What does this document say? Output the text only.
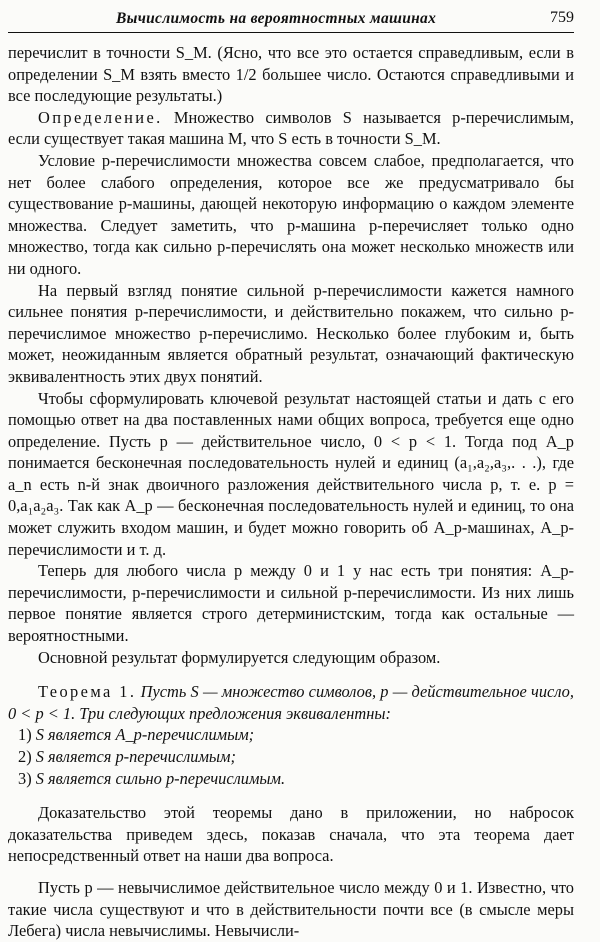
Вычислимость на вероятностных машинах	759

перечислит в точности S_M. (Ясно, что все это остается справедливым, если в определении S_M взять вместо 1/2 большее число. Остаются справедливыми и все последующие результаты.)

Определение. Множество символов S называется p-перечислимым, если существует такая машина M, что S есть в точности S_M.

Условие p-перечислимости множества совсем слабое, предполагается, что нет более слабого определения, которое все же предусматривало бы существование p-машины, дающей некоторую информацию о каждом элементе множества. Следует заметить, что p-машина p-перечисляет только одно множество, тогда как сильно p-перечислять она может несколько множеств или ни одного.

На первый взгляд понятие сильной p-перечислимости кажется намного сильнее понятия p-перечислимости, и действительно покажем, что сильно p-перечислимое множество p-перечислимо. Несколько более глубоким и, быть может, неожиданным является обратный результат, означающий фактическую эквивалентность этих двух понятий.

Чтобы сформулировать ключевой результат настоящей статьи и дать с его помощью ответ на два поставленных нами общих вопроса, требуется еще одно определение. Пусть p — действительное число, 0 < p < 1. Тогда под A_p понимается бесконечная последовательность нулей и единиц (a₁,a₂,a₃,. . .), где a_n есть n-й знак двоичного разложения действительного числа p, т. е. p = 0,a₁a₂a₃. Так как A_p — бесконечная последовательность нулей и единиц, то она может служить входом машин, и будет можно говорить об A_p-машинах, A_p-перечислимости и т. д.

Теперь для любого числа p между 0 и 1 у нас есть три понятия: A_p-перечислимости, p-перечислимости и сильной p-перечислимости. Из них лишь первое понятие является строго детерминистским, тогда как остальные — вероятностными.

Основной результат формулируется следующим образом.

Теорема 1. Пусть S — множество символов, p — действительное число, 0 < p < 1. Три следующих предложения эквивалентны:

1) S является A_p-перечислимым;
2) S является p-перечислимым;
3) S является сильно p-перечислимым.

Доказательство этой теоремы дано в приложении, но набросок доказательства приведем здесь, показав сначала, что эта теорема дает непосредственный ответ на наши два вопроса.

Пусть p — невычислимое действительное число между 0 и 1. Известно, что такие числа существуют и что в действительности почти все (в смысле меры Лебега) числа невычислимы. Невычисли-
